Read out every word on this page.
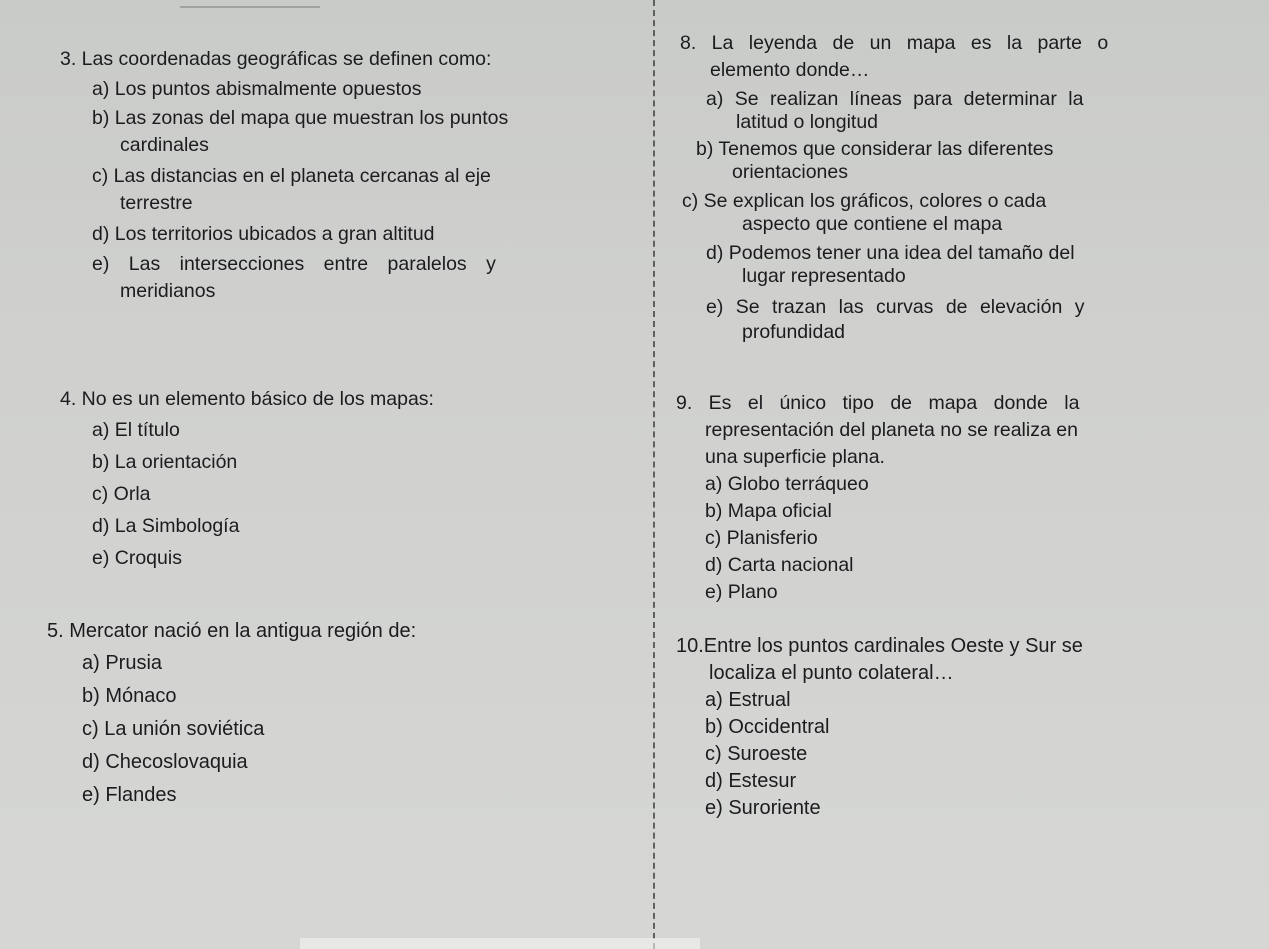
3. Las coordenadas geográficas se definen como:
a) Los puntos abismalmente opuestos
b) Las zonas del mapa que muestran los puntos
cardinales
c) Las distancias en el planeta cercanas al eje
terrestre
d) Los territorios ubicados a gran altitud
e) Las intersecciones entre paralelos y
meridianos
4. No es un elemento básico de los mapas:
a) El título
b) La orientación
c) Orla
d) La Simbología
e) Croquis
5. Mercator nació en la antigua región de:
a) Prusia
b) Mónaco
c) La unión soviética
d) Checoslovaquia
e) Flandes
8. La leyenda de un mapa es la parte o
elemento donde…
a) Se realizan líneas para determinar la
latitud o longitud
b) Tenemos que considerar las diferentes
orientaciones
c) Se explican los gráficos, colores o cada
aspecto que contiene el mapa
d) Podemos tener una idea del tamaño del
lugar representado
e) Se trazan las curvas de elevación y
profundidad
9. Es el único tipo de mapa donde la
representación del planeta no se realiza en
una superficie plana.
a) Globo terráqueo
b) Mapa oficial
c) Planisferio
d) Carta nacional
e) Plano
10.Entre los puntos cardinales Oeste y Sur se
localiza el punto colateral…
a) Estrual
b) Occidentral
c) Suroeste
d) Estesur
e) Suroriente
